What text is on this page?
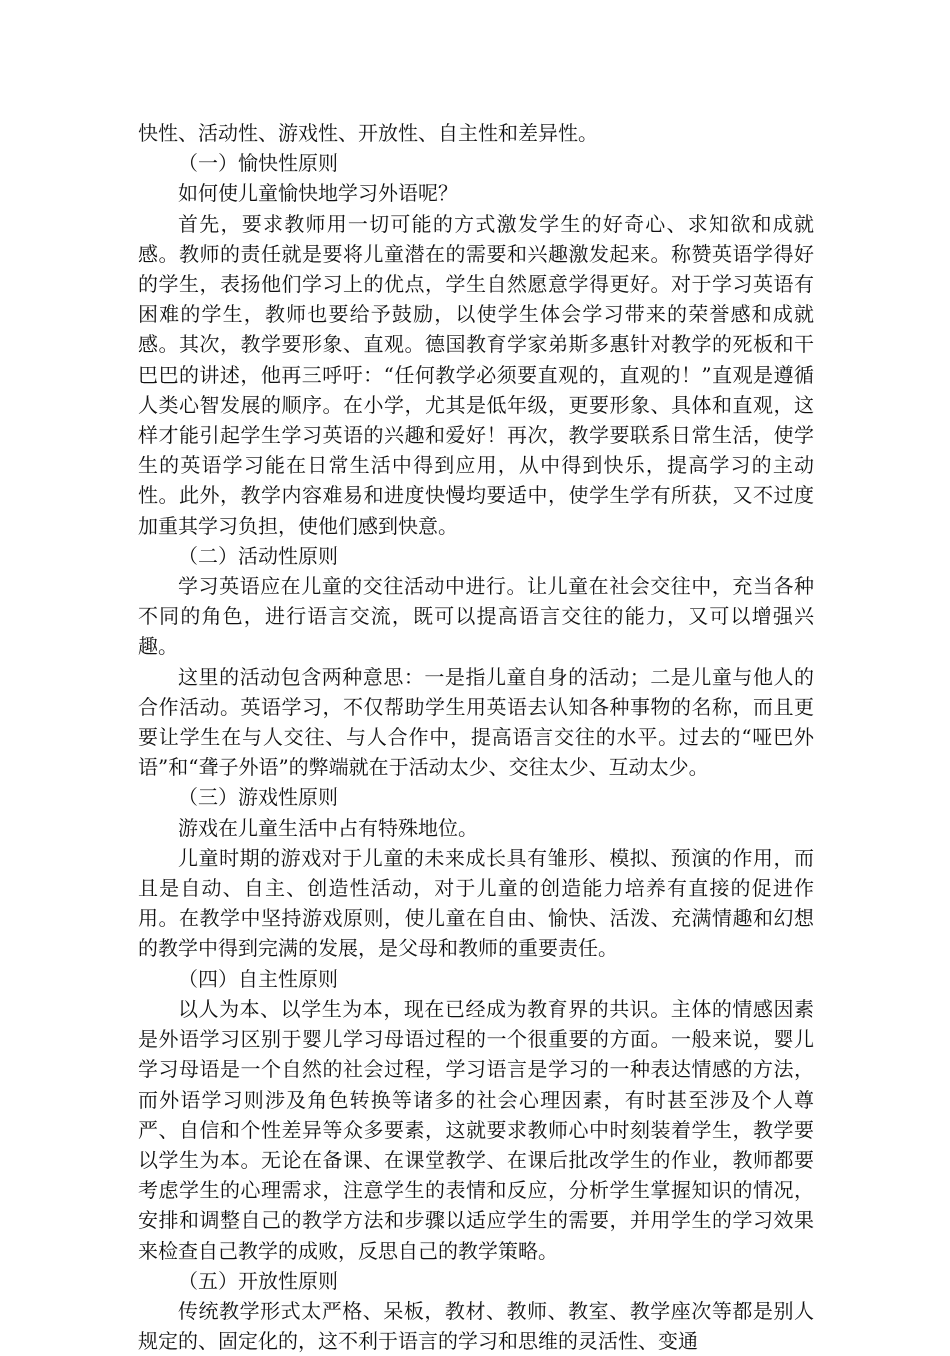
快性、活动性、游戏性、开放性、自主性和差异性。

（一）愉快性原则

如何使儿童愉快地学习外语呢？

首先，要求教师用一切可能的方式激发学生的好奇心、求知欲和成就感。教师的责任就是要将儿童潜在的需要和兴趣激发起来。称赞英语学得好的学生，表扬他们学习上的优点，学生自然愿意学得更好。对于学习英语有困难的学生，教师也要给予鼓励，以使学生体会学习带来的荣誉感和成就感。其次，教学要形象、直观。德国教育学家弟斯多惠针对教学的死板和干巴巴的讲述，他再三呼吁：“任何教学必须要直观的，直观的！”直观是遵循人类心智发展的顺序。在小学，尤其是低年级，更要形象、具体和直观，这样才能引起学生学习英语的兴趣和爱好！再次，教学要联系日常生活，使学生的英语学习能在日常生活中得到应用，从中得到快乐，提高学习的主动性。此外，教学内容难易和进度快慢均要适中，使学生学有所获，又不过度加重其学习负担，使他们感到快意。

（二）活动性原则

学习英语应在儿童的交往活动中进行。让儿童在社会交往中，充当各种不同的角色，进行语言交流，既可以提高语言交往的能力，又可以增强兴趣。

这里的活动包含两种意思：一是指儿童自身的活动；二是儿童与他人的合作活动。英语学习，不仅帮助学生用英语去认知各种事物的名称，而且更要让学生在与人交往、与人合作中，提高语言交往的水平。过去的“哑巴外语”和“聋子外语”的弊端就在于活动太少、交往太少、互动太少。

（三）游戏性原则

游戏在儿童生活中占有特殊地位。

儿童时期的游戏对于儿童的未来成长具有雏形、模拟、预演的作用，而且是自动、自主、创造性活动，对于儿童的创造能力培养有直接的促进作用。在教学中坚持游戏原则，使儿童在自由、愉快、活泼、充满情趣和幻想的教学中得到完满的发展，是父母和教师的重要责任。

（四）自主性原则

以人为本、以学生为本，现在已经成为教育界的共识。主体的情感因素是外语学习区别于婴儿学习母语过程的一个很重要的方面。一般来说，婴儿学习母语是一个自然的社会过程，学习语言是学习的一种表达情感的方法，而外语学习则涉及角色转换等诸多的社会心理因素，有时甚至涉及个人尊严、自信和个性差异等众多要素，这就要求教师心中时刻装着学生，教学要以学生为本。无论在备课、在课堂教学、在课后批改学生的作业，教师都要考虑学生的心理需求，注意学生的表情和反应，分析学生掌握知识的情况，安排和调整自己的教学方法和步骤以适应学生的需要，并用学生的学习效果来检查自己教学的成败，反思自己的教学策略。

（五）开放性原则

传统教学形式太严格、呆板，教材、教师、教室、教学座次等都是别人规定的、固定化的，这不利于语言的学习和思维的灵活性、变通
